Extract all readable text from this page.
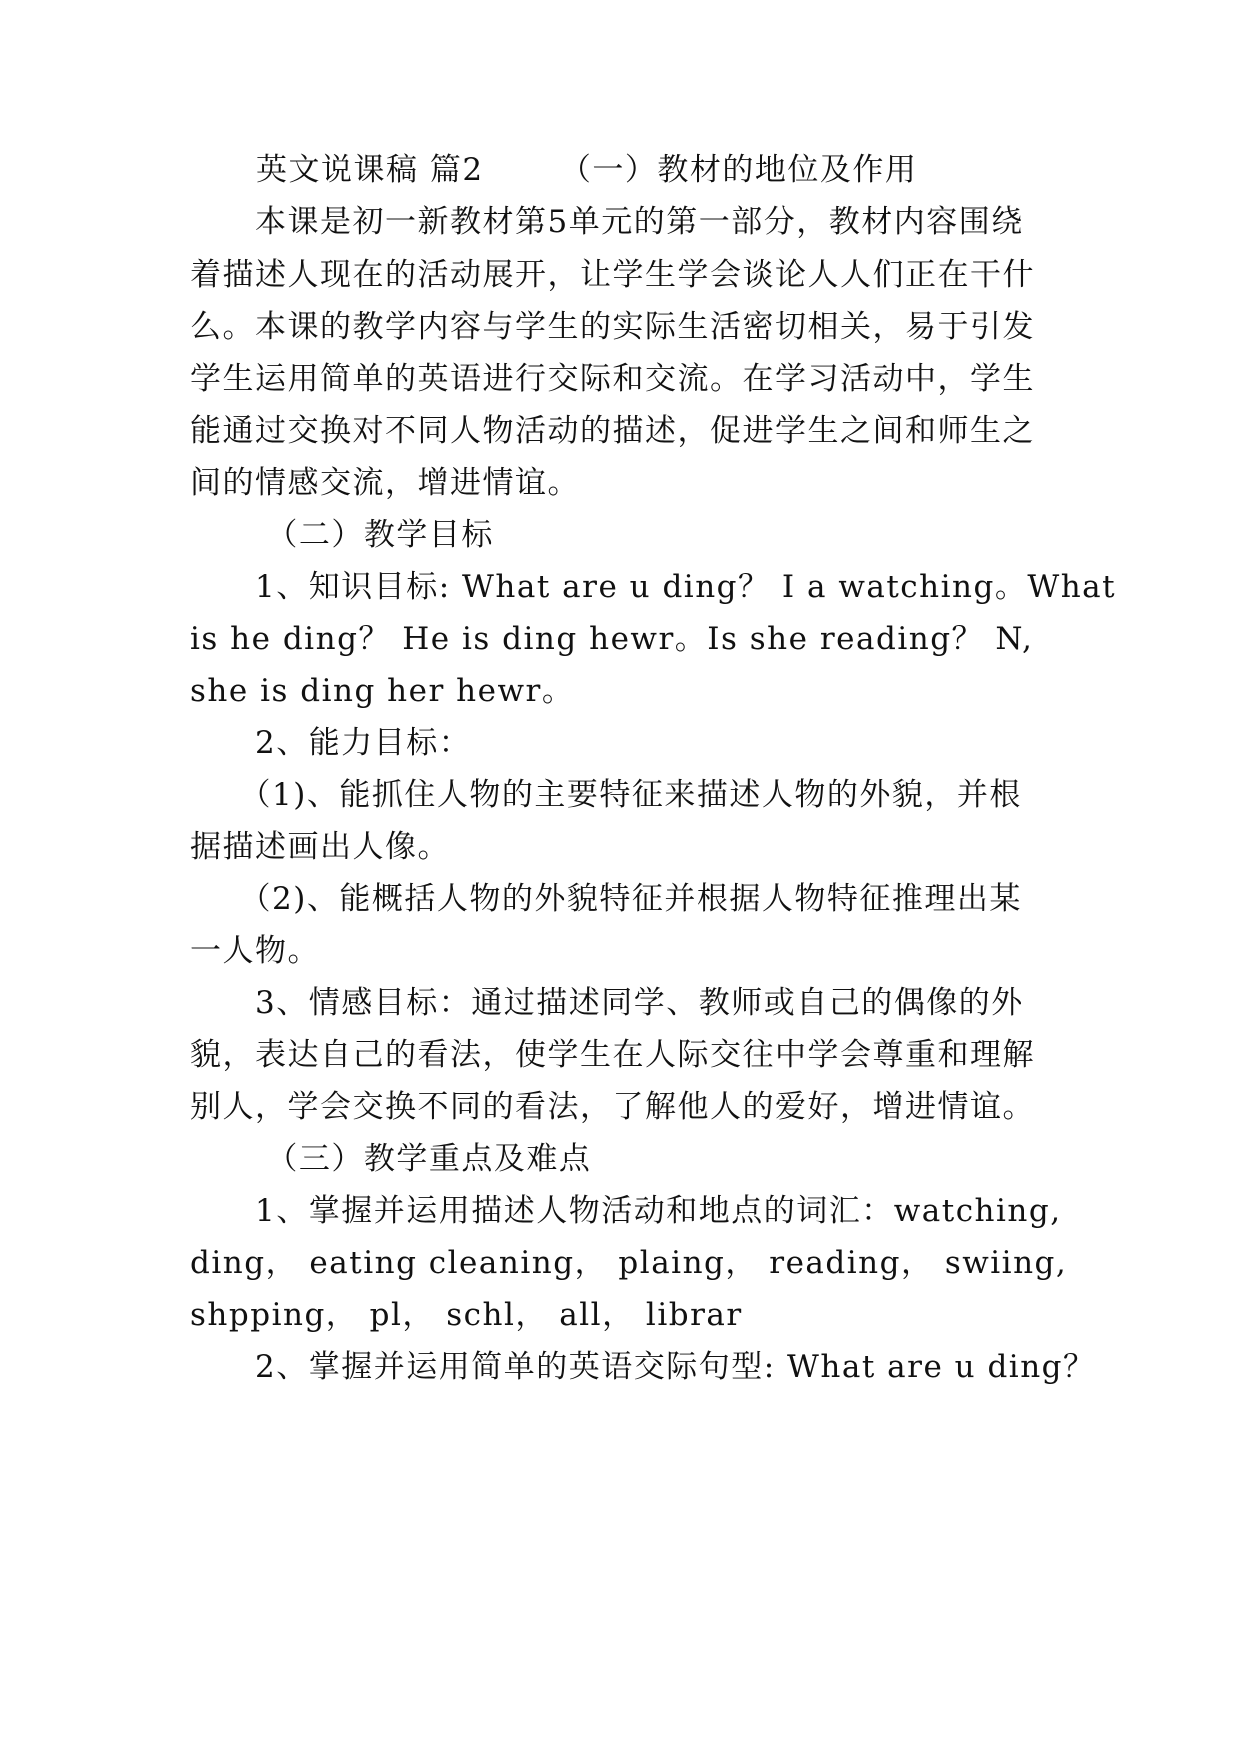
英文说课稿 篇2　　 （一）教材的地位及作用
　　本课是初一新教材第5单元的第一部分，教材内容围绕
着描述人现在的活动展开，让学生学会谈论人人们正在干什
么。本课的教学内容与学生的实际生活密切相关，易于引发
学生运用简单的英语进行交际和交流。在学习活动中，学生
能通过交换对不同人物活动的描述，促进学生之间和师生之
间的情感交流，增进情谊。
　　 （二）教学目标
　　1、知识目标: What are u ding？ I a watching。What
is he ding？ He is ding hewr。Is she reading？ N,
she is ding her hewr。
　　2、能力目标：
　　（1)、能抓住人物的主要特征来描述人物的外貌，并根
据描述画出人像。
　　（2)、能概括人物的外貌特征并根据人物特征推理出某
一人物。
　　3、情感目标：通过描述同学、教师或自己的偶像的外
貌，表达自己的看法，使学生在人际交往中学会尊重和理解
别人，学会交换不同的看法，了解他人的爱好，增进情谊。
　　 （三）教学重点及难点
　　1、掌握并运用描述人物活动和地点的词汇：watching,
ding， eating cleaning， plaing， reading， swiing,
shpping， pl， schl， all， librar
　　2、掌握并运用简单的英语交际句型: What are u ding？
